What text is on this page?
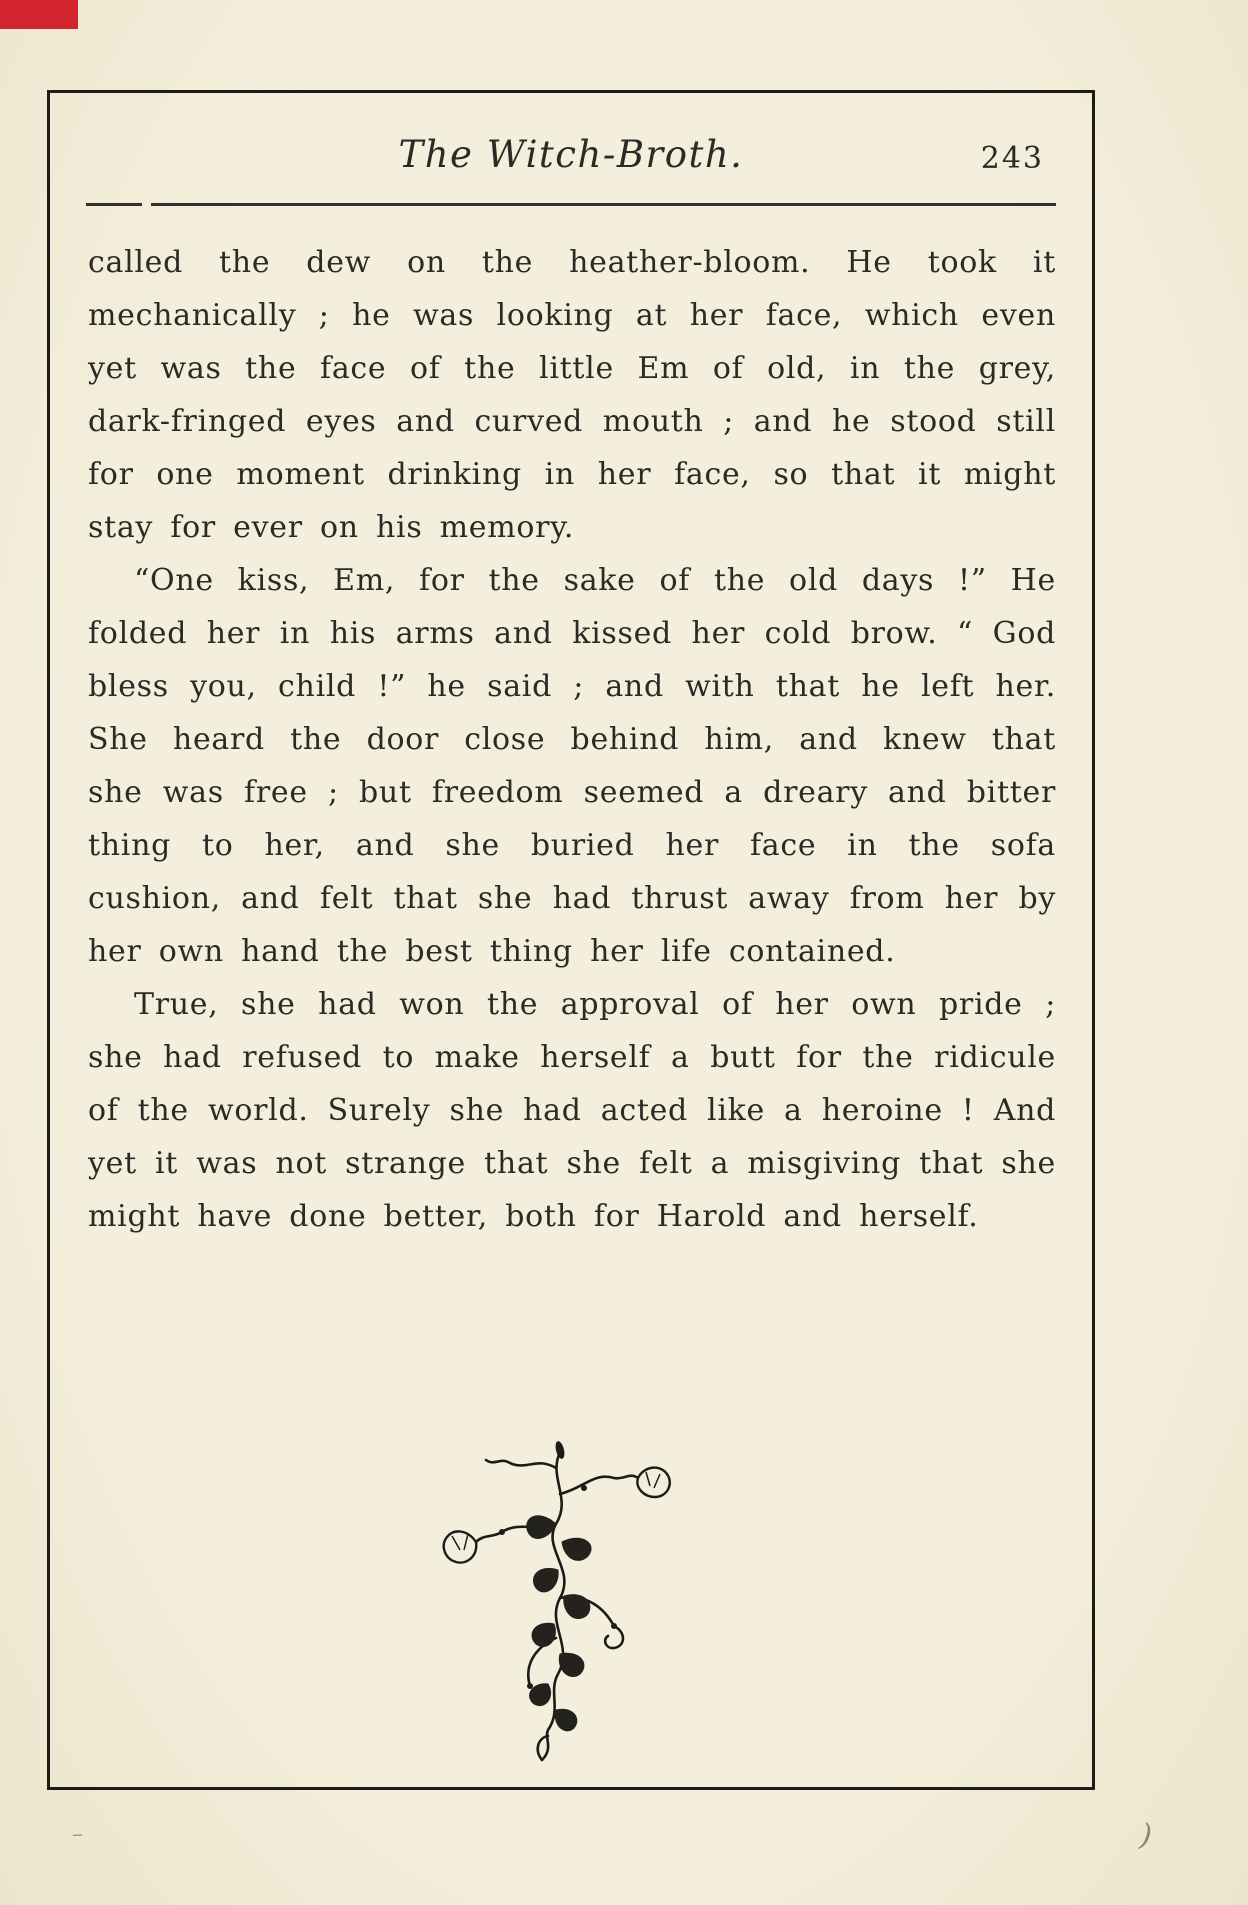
The Witch-Broth.	243

called the dew on the heather-bloom. He took it mechanically ; he was looking at her face, which even yet was the face of the little Em of old, in the grey, dark-fringed eyes and curved mouth ; and he stood still for one moment drinking in her face, so that it might stay for ever on his memory.

“One kiss, Em, for the sake of the old days !” He folded her in his arms and kissed her cold brow. “ God bless you, child !” he said ; and with that he left her. She heard the door close behind him, and knew that she was free ; but freedom seemed a dreary and bitter thing to her, and she buried her face in the sofa cushion, and felt that she had thrust away from her by her own hand the best thing her life contained.

True, she had won the approval of her own pride ; she had refused to make herself a butt for the ridicule of the world. Surely she had acted like a heroine ! And yet it was not strange that she felt a misgiving that she might have done better, both for Harold and herself.

)
–
